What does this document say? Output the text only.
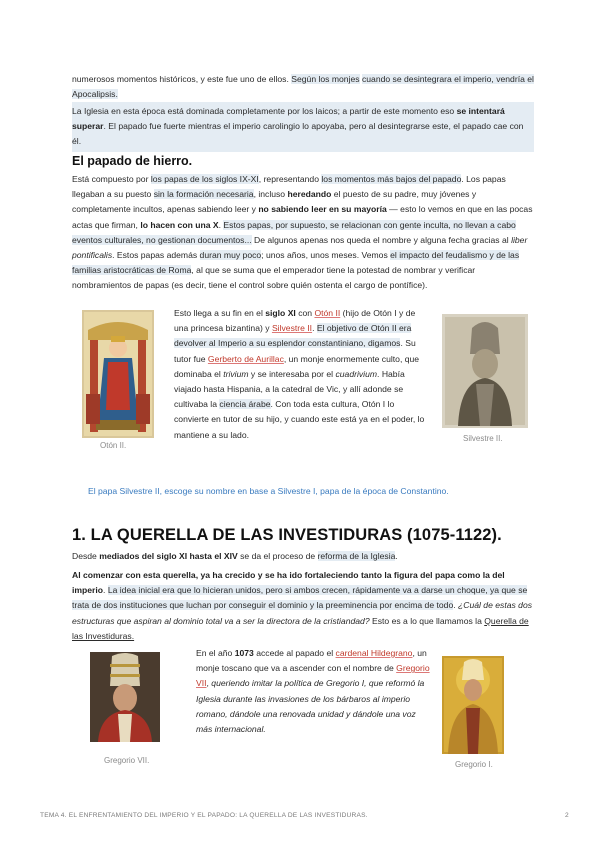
numerosos momentos históricos, y este fue uno de ellos. Según los monjes cuando se desintegrara el imperio, vendría el Apocalipsis.

La Iglesia en esta época está dominada completamente por los laicos; a partir de este momento eso se intentará superar. El papado fue fuerte mientras el imperio carolingio lo apoyaba, pero al desintegrarse este, el papado cae con él.

El papado de hierro.

Está compuesto por los papas de los siglos IX-XI, representando los momentos más bajos del papado. Los papas llegaban a su puesto sin la formación necesaria, incluso heredando el puesto de su padre, muy jóvenes y completamente incultos, apenas sabiendo leer y no sabiendo leer en su mayoría — esto lo vemos en que en las pocas actas que firman, lo hacen con una X. Estos papas, por supuesto, se relacionan con gente inculta, no llevan a cabo eventos culturales, no gestionan documentos... De algunos apenas nos queda el nombre y alguna fecha gracias al liber pontificalis. Estos papas además duran muy poco; unos años, unos meses. Vemos el impacto del feudalismo y de las familias aristocráticas de Roma, al que se suma que el emperador tiene la potestad de nombrar y verificar nombramientos de papas (es decir, tiene el control sobre quién ostenta el cargo de pontífice).

Otón II.

Esto llega a su fin en el siglo XI con Otón II (hijo de Otón I y de una princesa bizantina) y Silvestre II. El objetivo de Otón II era devolver al Imperio a su esplendor constantiniano, digamos. Su tutor fue Gerberto de Aurillac, un monje enormemente culto, que dominaba el trivium y se interesaba por el cuadrivium. Había viajado hasta Hispania, a la catedral de Vic, y allí adonde se cultivaba la ciencia árabe. Con toda esta cultura, Otón I lo convierte en tutor de su hijo, y cuando este está ya en el poder, lo mantiene a su lado.	Silvestre II.
El papa Silvestre II, escoge su nombre en base a Silvestre I, papa de la época de Constantino.
1. LA QUERELLA DE LAS INVESTIDURAS (1075-1122).

Desde mediados del siglo XI hasta el XIV se da el proceso de reforma de la Iglesia.

Al comenzar con esta querella, ya ha crecido y se ha ido fortaleciendo tanto la figura del papa como la del imperio. La idea inicial era que lo hicieran unidos, pero si ambos crecen, rápidamente va a darse un choque, ya que se trata de dos instituciones que luchan por conseguir el dominio y la preeminencia por encima de todo. ¿Cuál de estas dos estructuras que aspiran al dominio total va a ser la directora de la cristiandad? Esto es a lo que llamamos la Querella de las Investiduras.

Gregorio VII.

En el año 1073 accede al papado el cardenal Hildegrano, un monje toscano que va a ascender con el nombre de Gregorio VII, queriendo imitar la política de Gregorio I, que reformó la Iglesia durante las invasiones de los bárbaros al imperio romano, dándole una renovada unidad y dándole una voz más internacional.

Gregorio I.
TEMA 4. EL ENFRENTAMIENTO DEL IMPERIO Y EL PAPADO: LA QUERELLA DE LAS INVESTIDURAS.	2
